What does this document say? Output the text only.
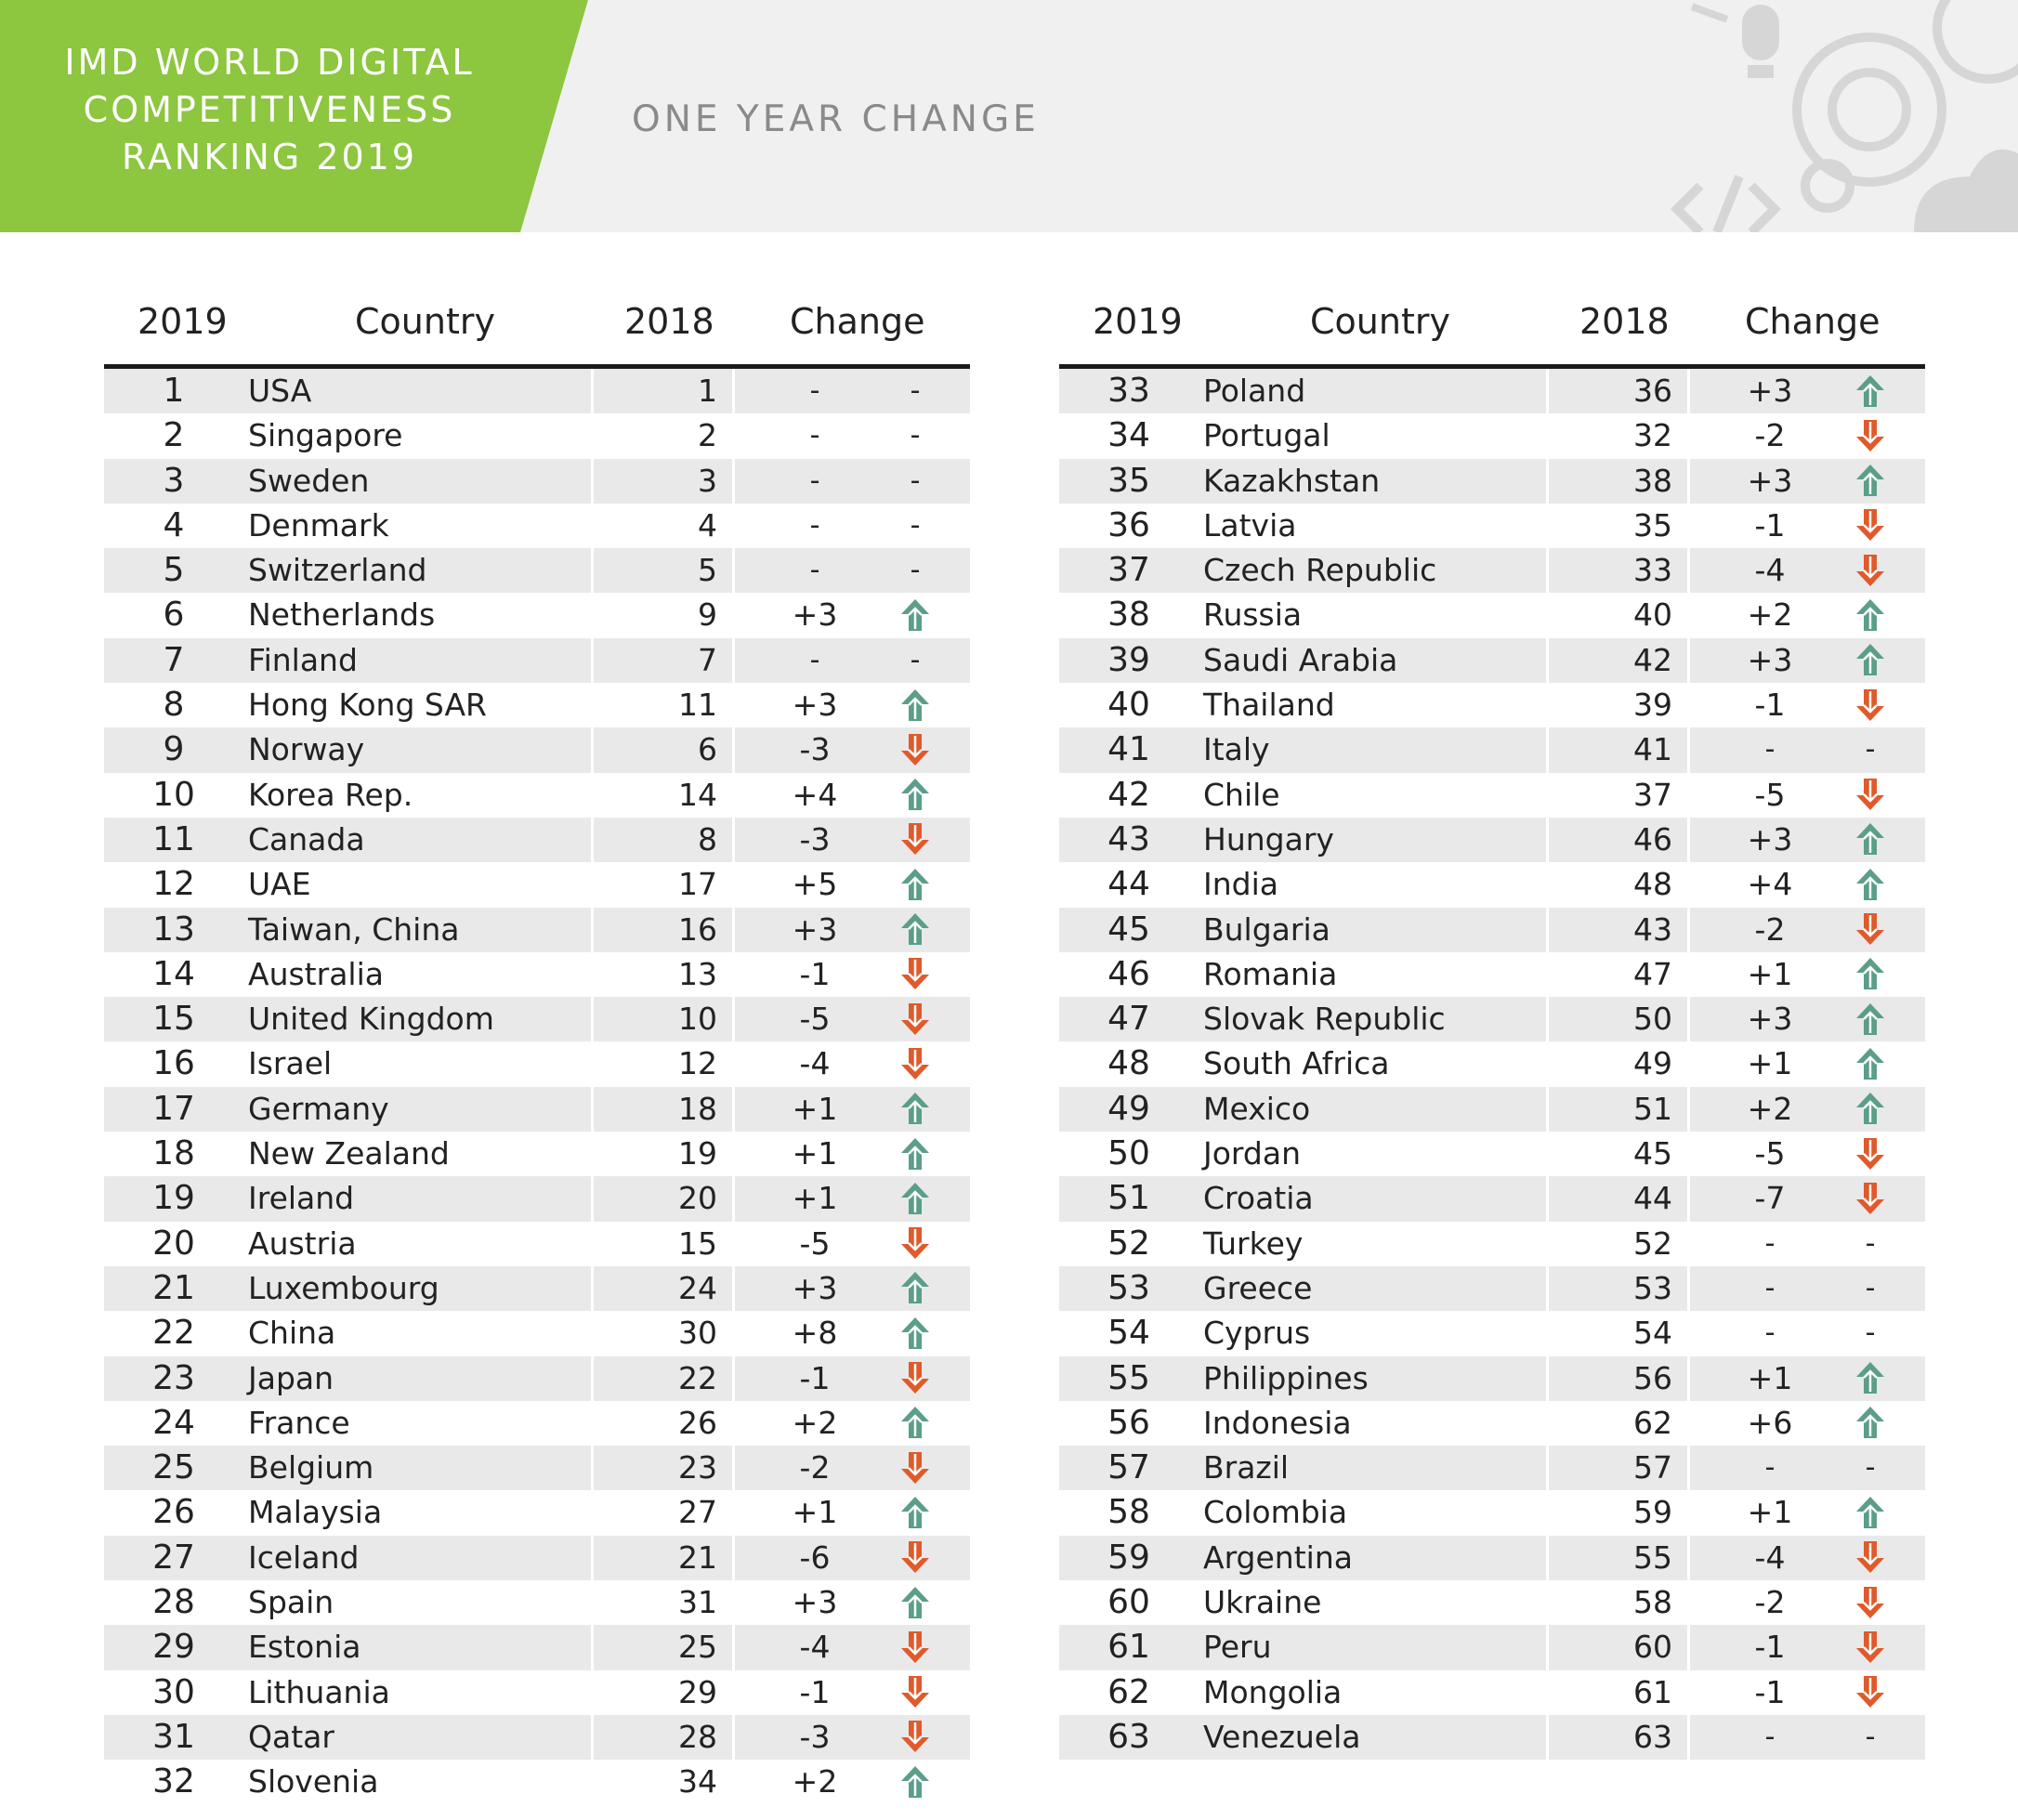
IMD WORLD DIGITAL
COMPETITIVENESS
RANKING 2019
ONE YEAR CHANGE
2019	Country	2018 Change
1	USA	1	-	-
2	Singapore	2	-	-
3	Sweden	3	-	-
4	Denmark	4	-	-
5	Switzerland	5	-	-
6	Netherlands	9	+3
7	Finland	7	-	-
8	Hong Kong SAR	11	+3
9	Norway	6	-3
10	Korea Rep.	14	+4
11	Canada	8	-3
12	UAE	17	+5
13	Taiwan, China	16	+3
14	Australia	13	-1
15	United Kingdom	10	-5
16	Israel	12	-4
17	Germany	18	+1
18	New Zealand	19	+1
19	Ireland	20	+1
20	Austria	15	-5
21	Luxembourg	24	+3
22	China	30	+8
23	Japan	22	-1
24	France	26	+2
25	Belgium	23	-2
26	Malaysia	27	+1
27	Iceland	21	-6
28	Spain	31	+3
29	Estonia	25	-4
30	Lithuania	29	-1
31	Qatar	28	-3
32	Slovenia	34	+2
2019	Country	2018 Change
33	Poland	36	+3
34	Portugal	32	-2
35	Kazakhstan	38	+3
36	Latvia	35	-1
37	Czech Republic	33	-4
38	Russia	40	+2
39	Saudi Arabia	42	+3
40	Thailand	39	-1
41	Italy	41	-	-
42	Chile	37	-5
43	Hungary	46	+3
44	India	48	+4
45	Bulgaria	43	-2
46	Romania	47	+1
47	Slovak Republic	50	+3
48	South Africa	49	+1
49	Mexico	51	+2
50	Jordan	45	-5
51	Croatia	44	-7
52	Turkey	52	-	-
53	Greece	53	-	-
54	Cyprus	54	-	-
55	Philippines	56	+1
56	Indonesia	62	+6
57	Brazil	57	-	-
58	Colombia	59	+1
59	Argentina	55	-4
60	Ukraine	58	-2
61	Peru	60	-1
62	Mongolia	61	-1
63	Venezuela	63	-	-
